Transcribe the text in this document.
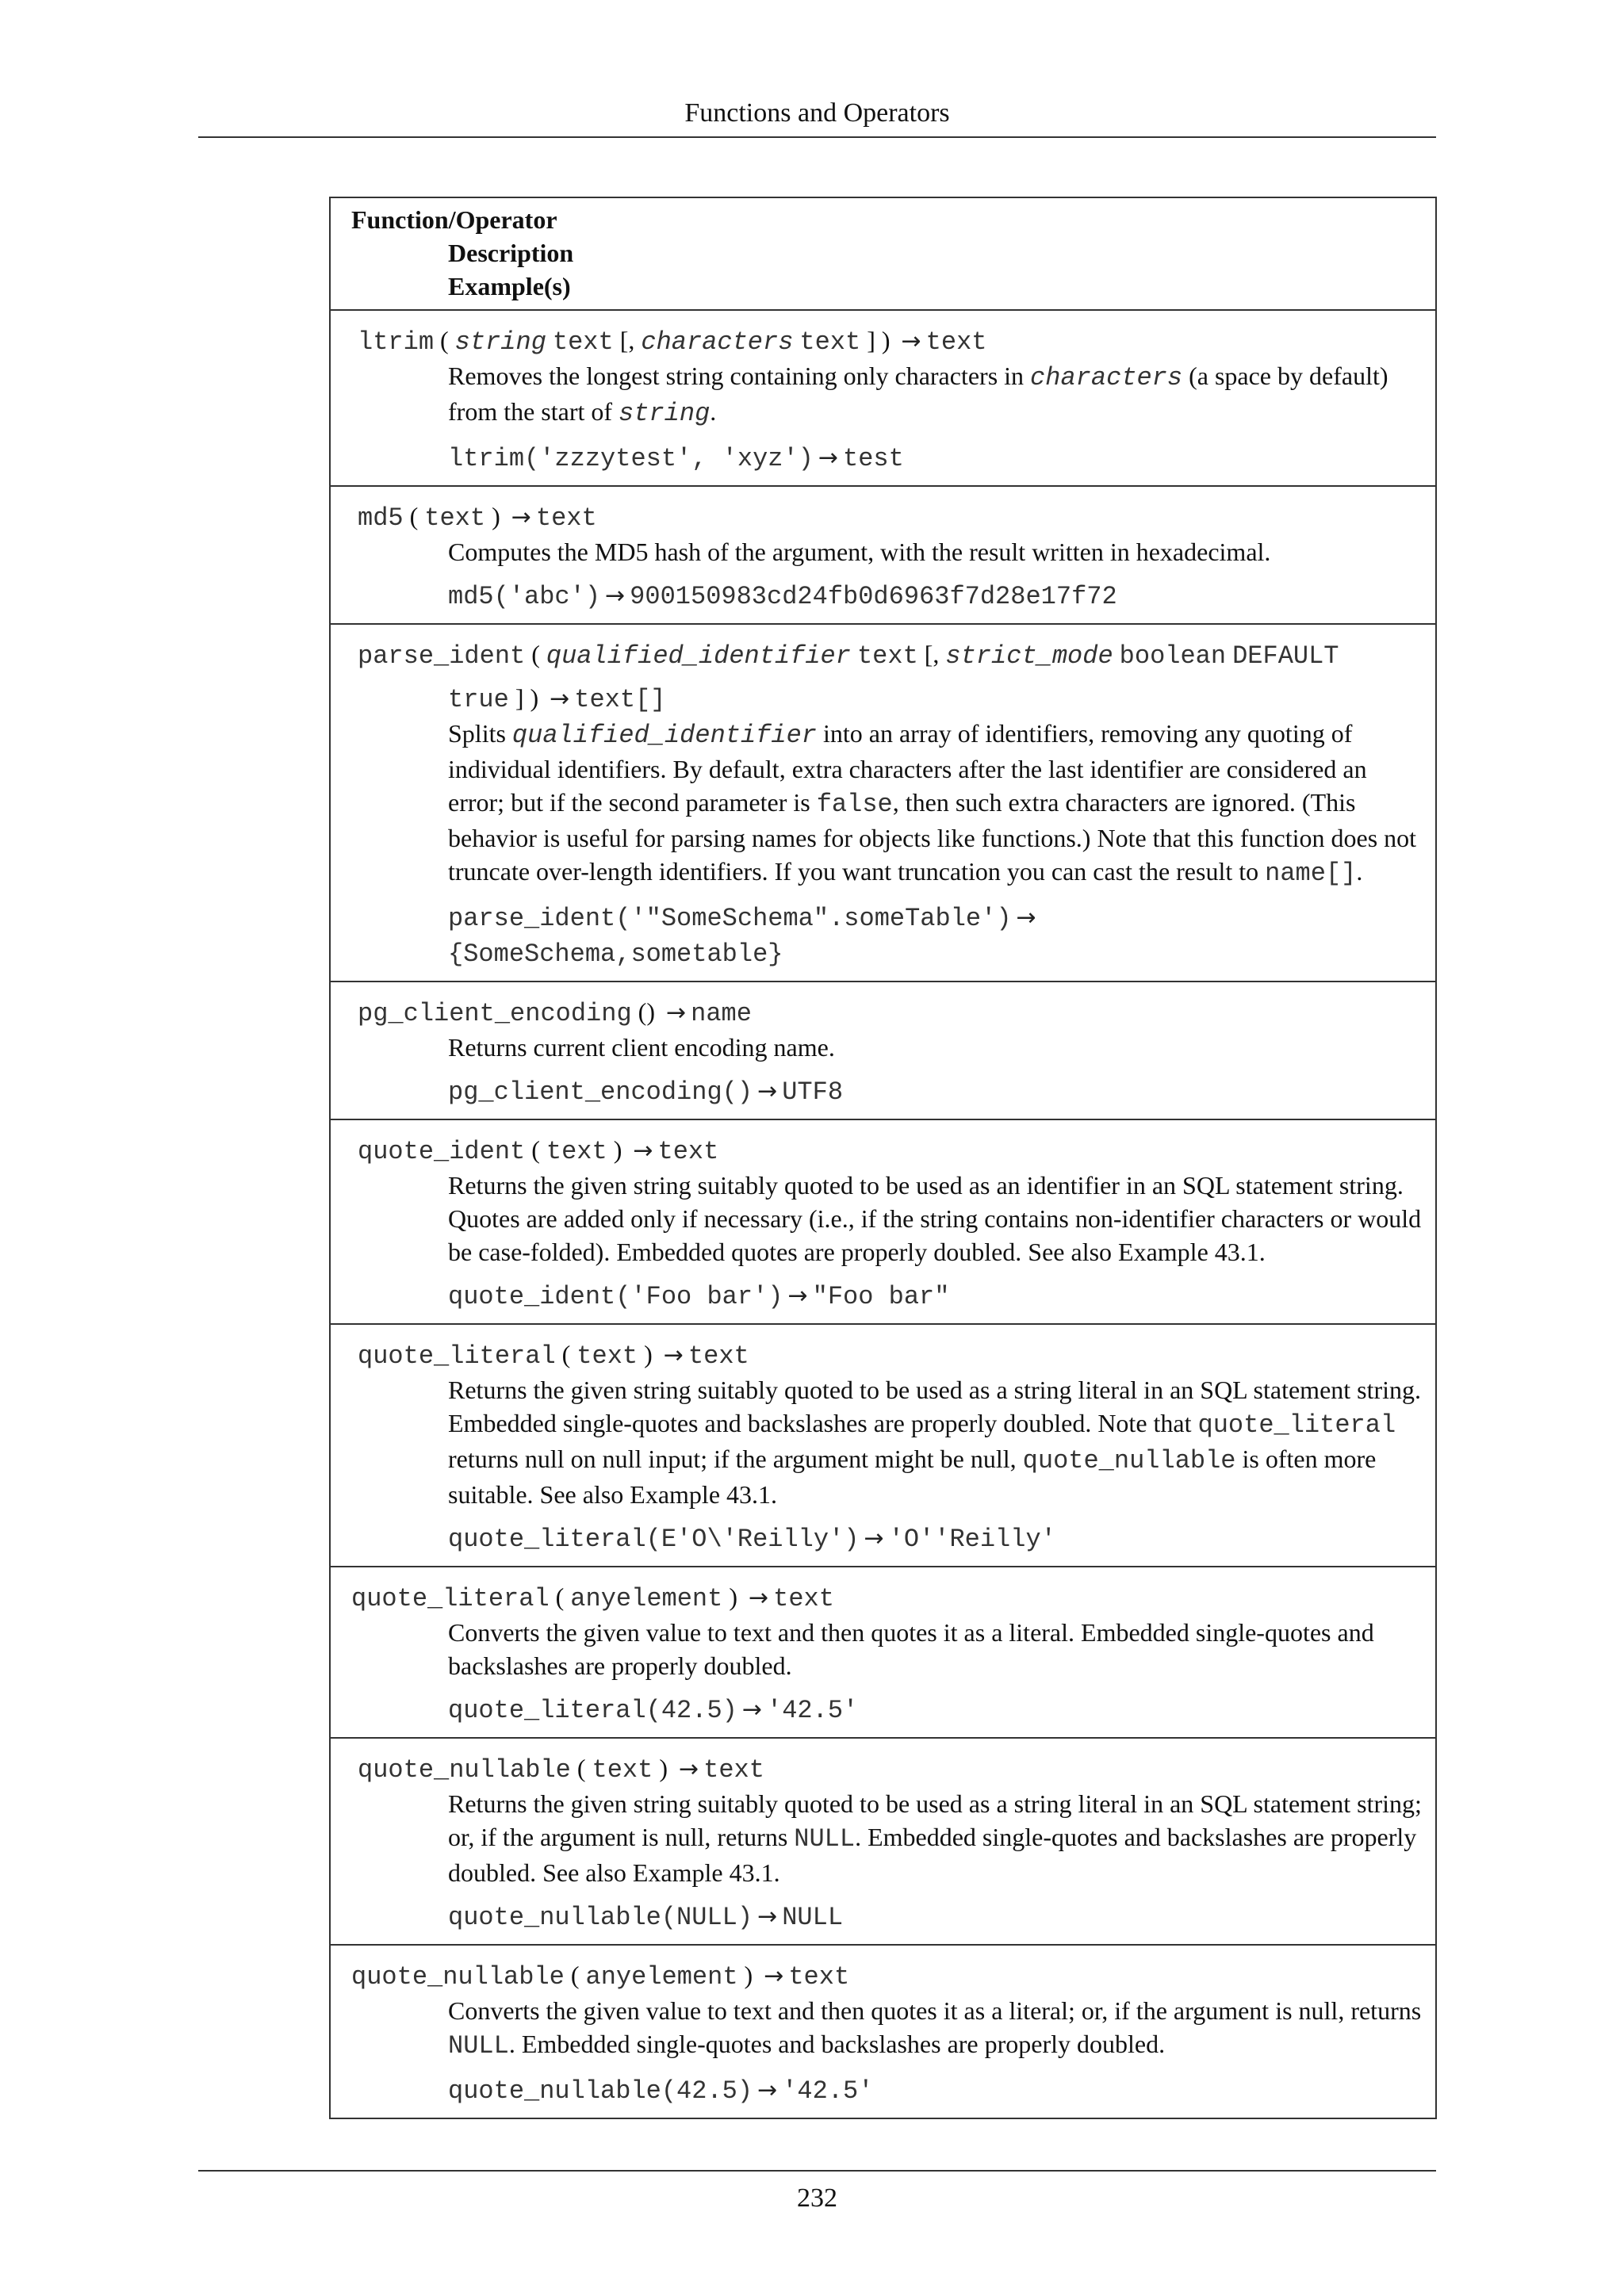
Functions and Operators
Function/Operator
Description
Example(s)
ltrim ( string text [, characters text ] ) → text
Removes the longest string containing only characters in characters (a space by default) from the start of string.
ltrim('zzzytest', 'xyz') → test
md5 ( text ) → text
Computes the MD5 hash of the argument, with the result written in hexadecimal.
md5('abc') → 900150983cd24fb0d6963f7d28e17f72
parse_ident ( qualified_identifier text [, strict_mode boolean DEFAULT
true ] ) → text[]
Splits qualified_identifier into an array of identifiers, removing any quoting of individual identifiers. By default, extra characters after the last identifier are considered an error; but if the second parameter is false, then such extra characters are ignored. (This behavior is useful for parsing names for objects like functions.) Note that this function does not truncate over-length identifiers. If you want truncation you can cast the result to name[].
parse_ident('"SomeSchema".someTable') →
{SomeSchema,sometable}
pg_client_encoding () → name
Returns current client encoding name.
pg_client_encoding() → UTF8
quote_ident ( text ) → text
Returns the given string suitably quoted to be used as an identifier in an SQL statement string. Quotes are added only if necessary (i.e., if the string contains non-identifier characters or would be case-folded). Embedded quotes are properly doubled. See also Example 43.1.
quote_ident('Foo bar') → "Foo bar"
quote_literal ( text ) → text
Returns the given string suitably quoted to be used as a string literal in an SQL statement string. Embedded single-quotes and backslashes are properly doubled. Note that quote_literal returns null on null input; if the argument might be null, quote_nullable is often more suitable. See also Example 43.1.
quote_literal(E'O\'Reilly') → 'O''Reilly'
quote_literal ( anyelement ) → text
Converts the given value to text and then quotes it as a literal. Embedded single-quotes and backslashes are properly doubled.
quote_literal(42.5) → '42.5'
quote_nullable ( text ) → text
Returns the given string suitably quoted to be used as a string literal in an SQL statement string; or, if the argument is null, returns NULL. Embedded single-quotes and backslashes are properly doubled. See also Example 43.1.
quote_nullable(NULL) → NULL
quote_nullable ( anyelement ) → text
Converts the given value to text and then quotes it as a literal; or, if the argument is null, returns NULL. Embedded single-quotes and backslashes are properly doubled.
quote_nullable(42.5) → '42.5'
232
